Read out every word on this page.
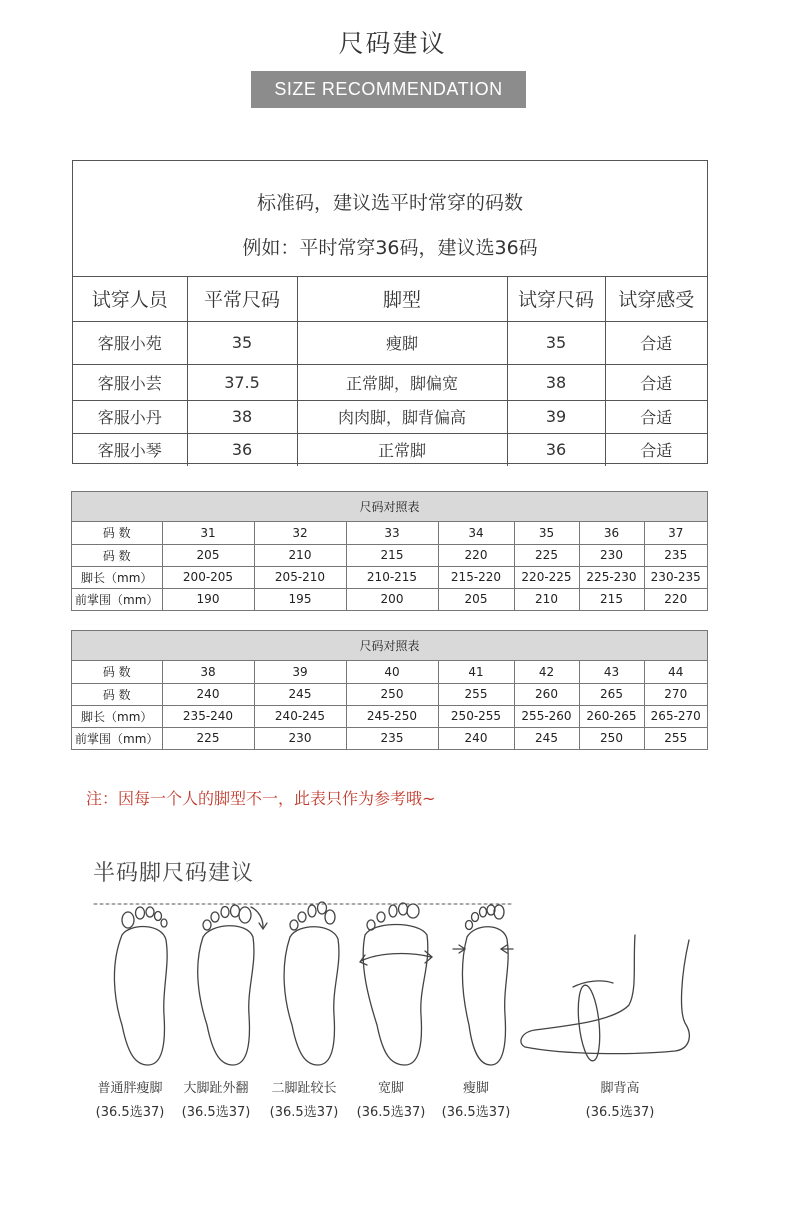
尺码建议
SIZE RECOMMENDATION
标准码，建议选平时常穿的码数
例如：平时常穿36码，建议选36码
试穿人员	平常尺码	脚型	试穿尺码	试穿感受
客服小苑	35	瘦脚	35	合适
客服小芸	37.5	正常脚，脚偏宽	38	合适
客服小丹	38	肉肉脚，脚背偏高	39	合适
客服小琴	36	正常脚	36	合适
尺码对照表
码 数	31	32	33	34	35	36	37
码 数	205	210	215	220	225	230	235
脚长（mm）	200-205	205-210	210-215	215-220	220-225	225-230	230-235
前掌围（mm）	190	195	200	205	210	215	220
尺码对照表
码 数	38	39	40	41	42	43	44
码 数	240	245	250	255	260	265	270
脚长（mm）	235-240	240-245	245-250	250-255	255-260	260-265	265-270
前掌围（mm）	225	230	235	240	245	250	255
注：因每一个人的脚型不一，此表只作为参考哦~
半码脚尺码建议
普通胖瘦脚
(36.5选37)
大脚趾外翻
(36.5选37)
二脚趾较长
(36.5选37)
宽脚
(36.5选37)
瘦脚
(36.5选37)
脚背高
(36.5选37)
